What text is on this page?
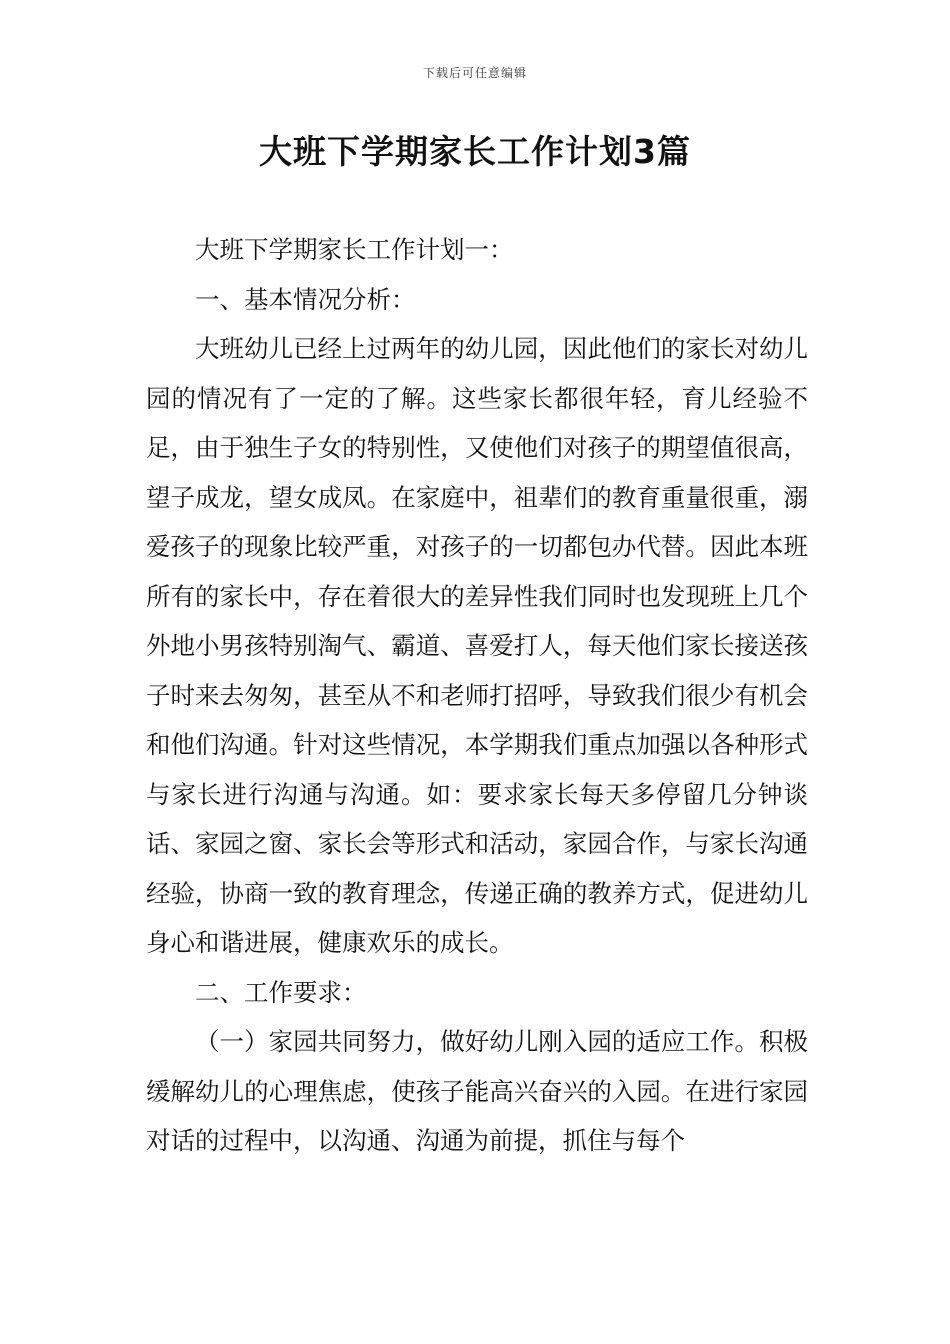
下载后可任意编辑
大班下学期家长工作计划3篇

大班下学期家长工作计划一：

一、基本情况分析：

大班幼儿已经上过两年的幼儿园，因此他们的家长对幼儿园的情况有了一定的了解。这些家长都很年轻，育儿经验不足，由于独生子女的特别性，又使他们对孩子的期望值很高，望子成龙，望女成凤。在家庭中，祖辈们的教育重量很重，溺爱孩子的现象比较严重，对孩子的一切都包办代替。因此本班所有的家长中，存在着很大的差异性我们同时也发现班上几个外地小男孩特别淘气、霸道、喜爱打人，每天他们家长接送孩子时来去匆匆，甚至从不和老师打招呼，导致我们很少有机会和他们沟通。针对这些情况，本学期我们重点加强以各种形式与家长进行沟通与沟通。如：要求家长每天多停留几分钟谈话、家园之窗、家长会等形式和活动，家园合作，与家长沟通经验，协商一致的教育理念，传递正确的教养方式，促进幼儿身心和谐进展，健康欢乐的成长。

二、工作要求：

（一）家园共同努力，做好幼儿刚入园的适应工作。积极缓解幼儿的心理焦虑，使孩子能高兴奋兴的入园。在进行家园对话的过程中，以沟通、沟通为前提，抓住与每个
